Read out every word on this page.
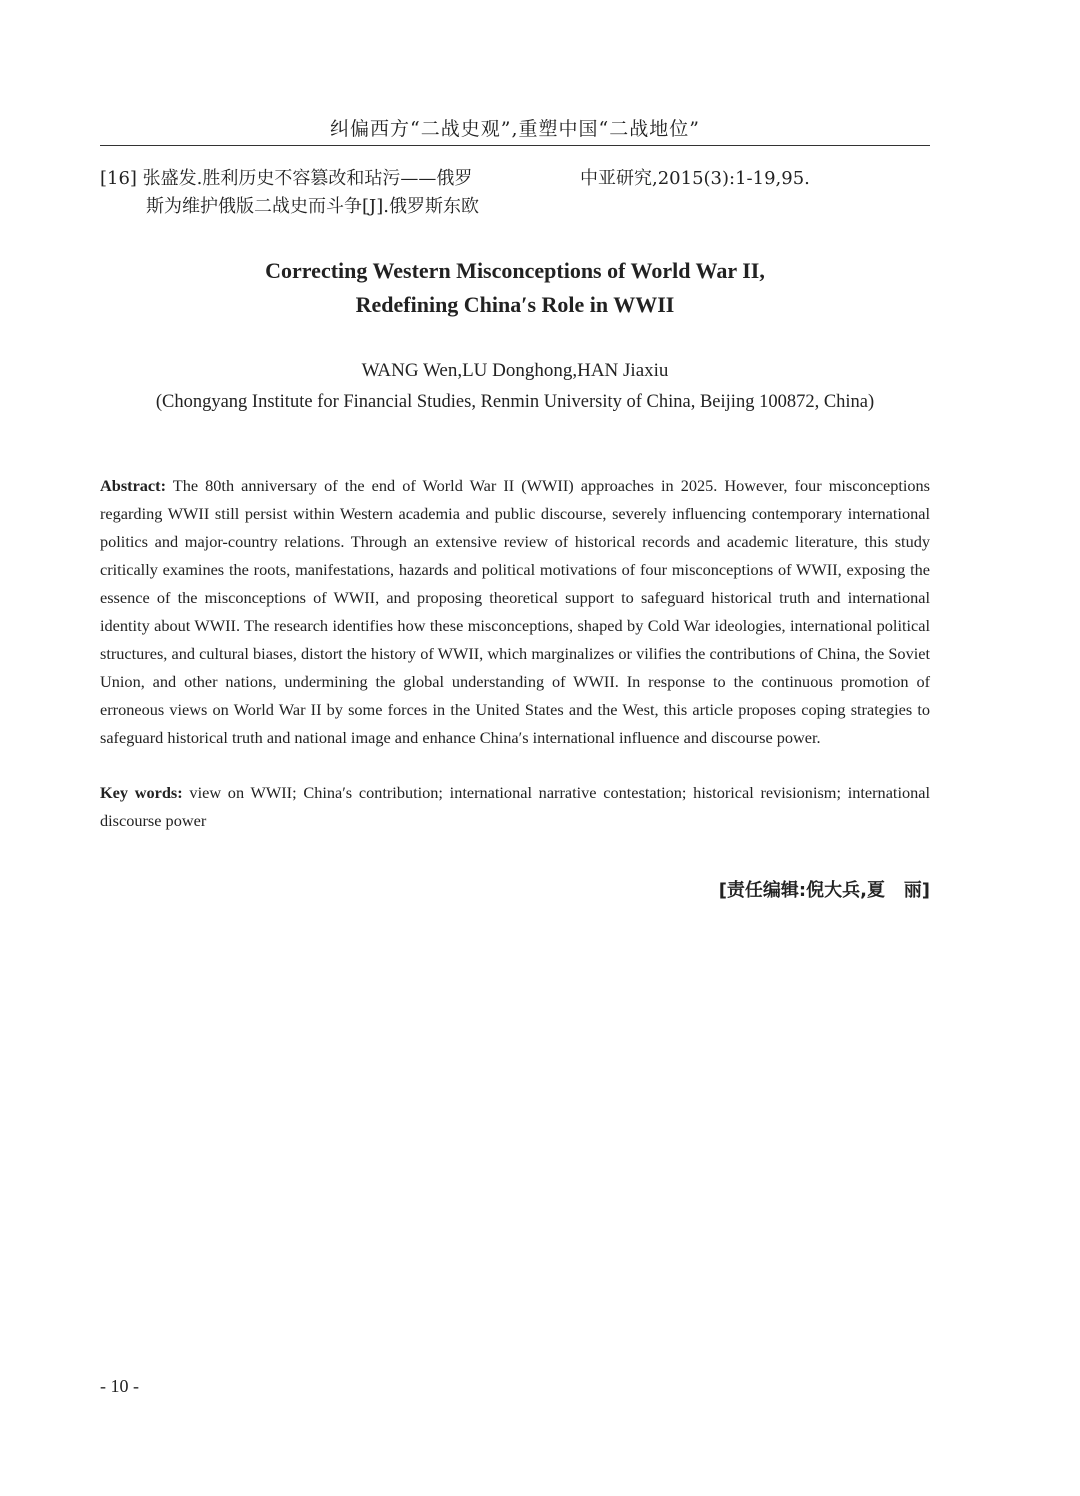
纠偏西方“二战史观”,重塑中国“二战地位”
[16] 张盛发.胜利历史不容篡改和玷污——俄罗
斯为维护俄版二战史而斗争[J].俄罗斯东欧
中亚研究,2015(3):1-19,95.
Correcting Western Misconceptions of World War II,
Redefining China′s Role in WWII
WANG Wen,LU Donghong,HAN Jiaxiu
(Chongyang Institute for Financial Studies, Renmin University of China, Beijing 100872, China)
Abstract: The 80th anniversary of the end of World War II (WWII) approaches in 2025. However, four misconceptions regarding WWII still persist within Western academia and public discourse, severely influencing contemporary international politics and major-country relations. Through an extensive review of historical records and academic literature, this study critically examines the roots, manifestations, hazards and political motivations of four misconceptions of WWII, exposing the essence of the misconceptions of WWII, and proposing theoretical support to safeguard historical truth and international identity about WWII. The research identifies how these misconceptions, shaped by Cold War ideologies, international political structures, and cultural biases, distort the history of WWII, which marginalizes or vilifies the contributions of China, the Soviet Union, and other nations, undermining the global understanding of WWII. In response to the continuous promotion of erroneous views on World War II by some forces in the United States and the West, this article proposes coping strategies to safeguard historical truth and national image and enhance China′s international influence and discourse power.
Key words: view on WWII; China′s contribution; international narrative contestation; historical revisionism; international discourse power
[责任编辑:倪大兵,夏   丽]
- 10 -
